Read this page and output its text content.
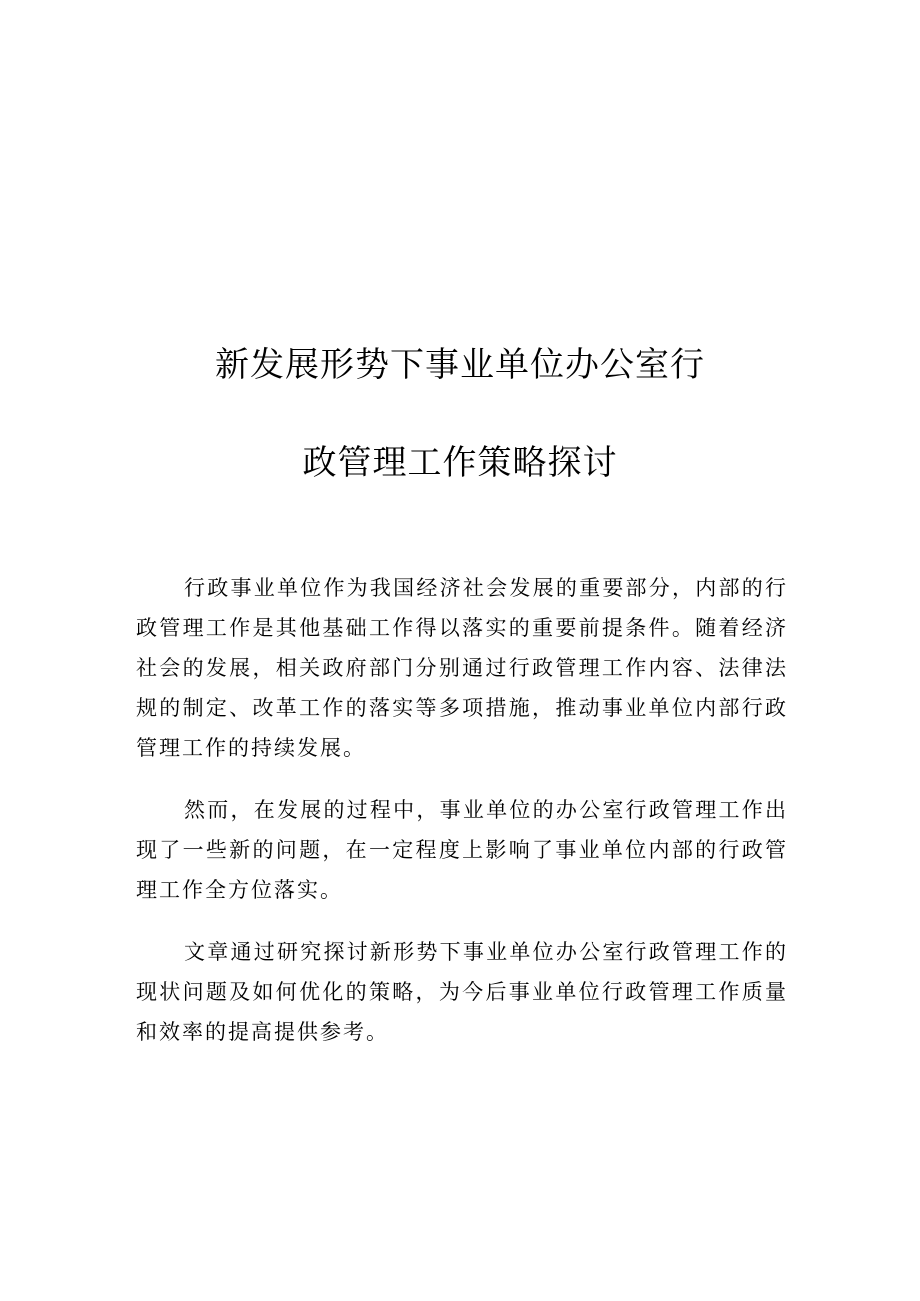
新发展形势下事业单位办公室行
政管理工作策略探讨

行政事业单位作为我国经济社会发展的重要部分，内部的行政管理工作是其他基础工作得以落实的重要前提条件。随着经济社会的发展，相关政府部门分别通过行政管理工作内容、法律法规的制定、改革工作的落实等多项措施，推动事业单位内部行政管理工作的持续发展。

然而，在发展的过程中，事业单位的办公室行政管理工作出现了一些新的问题，在一定程度上影响了事业单位内部的行政管理工作全方位落实。

文章通过研究探讨新形势下事业单位办公室行政管理工作的现状问题及如何优化的策略，为今后事业单位行政管理工作质量和效率的提高提供参考。
